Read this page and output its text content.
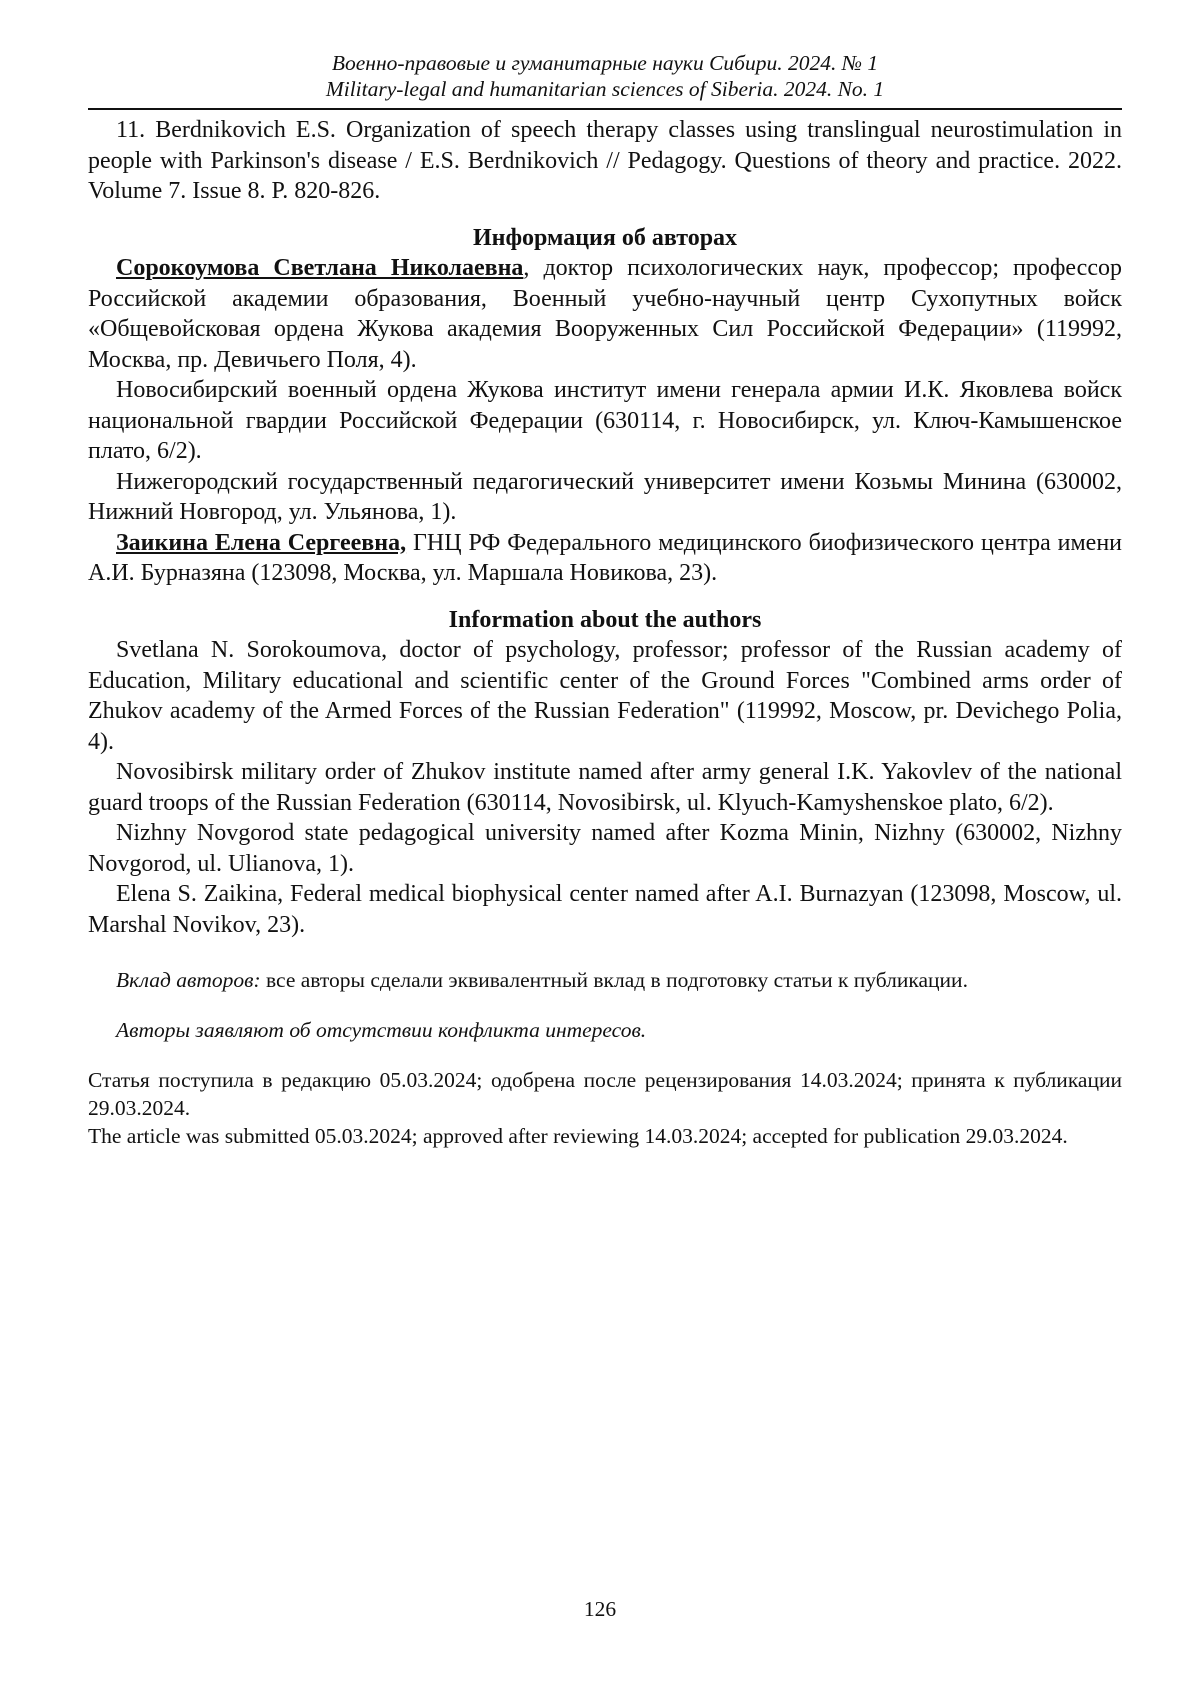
Военно-правовые и гуманитарные науки Сибири. 2024. № 1
Military-legal and humanitarian sciences of Siberia. 2024. No. 1

11. Berdnikovich E.S. Organization of speech therapy classes using translingual neurostimulation in people with Parkinson's disease / E.S. Berdnikovich // Pedagogy. Questions of theory and practice. 2022. Volume 7. Issue 8. P. 820-826.

Информация об авторах

Сорокоумова Светлана Николаевна, доктор психологических наук, профессор; профессор Российской академии образования, Военный учебно-научный центр Сухопутных войск «Общевойсковая ордена Жукова академия Вооруженных Сил Российской Федерации» (119992, Москва, пр. Девичьего Поля, 4).

Новосибирский военный ордена Жукова институт имени генерала армии И.К. Яковлева войск национальной гвардии Российской Федерации (630114, г. Новосибирск, ул. Ключ-Камышенское плато, 6/2).

Нижегородский государственный педагогический университет имени Козьмы Минина (630002, Нижний Новгород, ул. Ульянова, 1).

Заикина Елена Сергеевна, ГНЦ РФ Федерального медицинского биофизического центра имени А.И. Бурназяна (123098, Москва, ул. Маршала Новикова, 23).

Information about the authors

Svetlana N. Sorokoumova, doctor of psychology, professor; professor of the Russian academy of Education, Military educational and scientific center of the Ground Forces "Combined arms order of Zhukov academy of the Armed Forces of the Russian Federation" (119992, Moscow, pr. Devichego Polia, 4).

Novosibirsk military order of Zhukov institute named after army general I.K. Yakovlev of the national guard troops of the Russian Federation (630114, Novosibirsk, ul. Klyuch-Kamyshenskoe plato, 6/2).

Nizhny Novgorod state pedagogical university named after Kozma Minin, Nizhny (630002, Nizhny Novgorod, ul. Ulianova, 1).

Elena S. Zaikina, Federal medical biophysical center named after A.I. Burnazyan (123098, Moscow, ul. Marshal Novikov, 23).

Вклад авторов: все авторы сделали эквивалентный вклад в подготовку статьи к публикации.

Авторы заявляют об отсутствии конфликта интересов.

Статья поступила в редакцию 05.03.2024; одобрена после рецензирования 14.03.2024; принята к публикации 29.03.2024.

The article was submitted 05.03.2024; approved after reviewing 14.03.2024; accepted for publication 29.03.2024.

126
